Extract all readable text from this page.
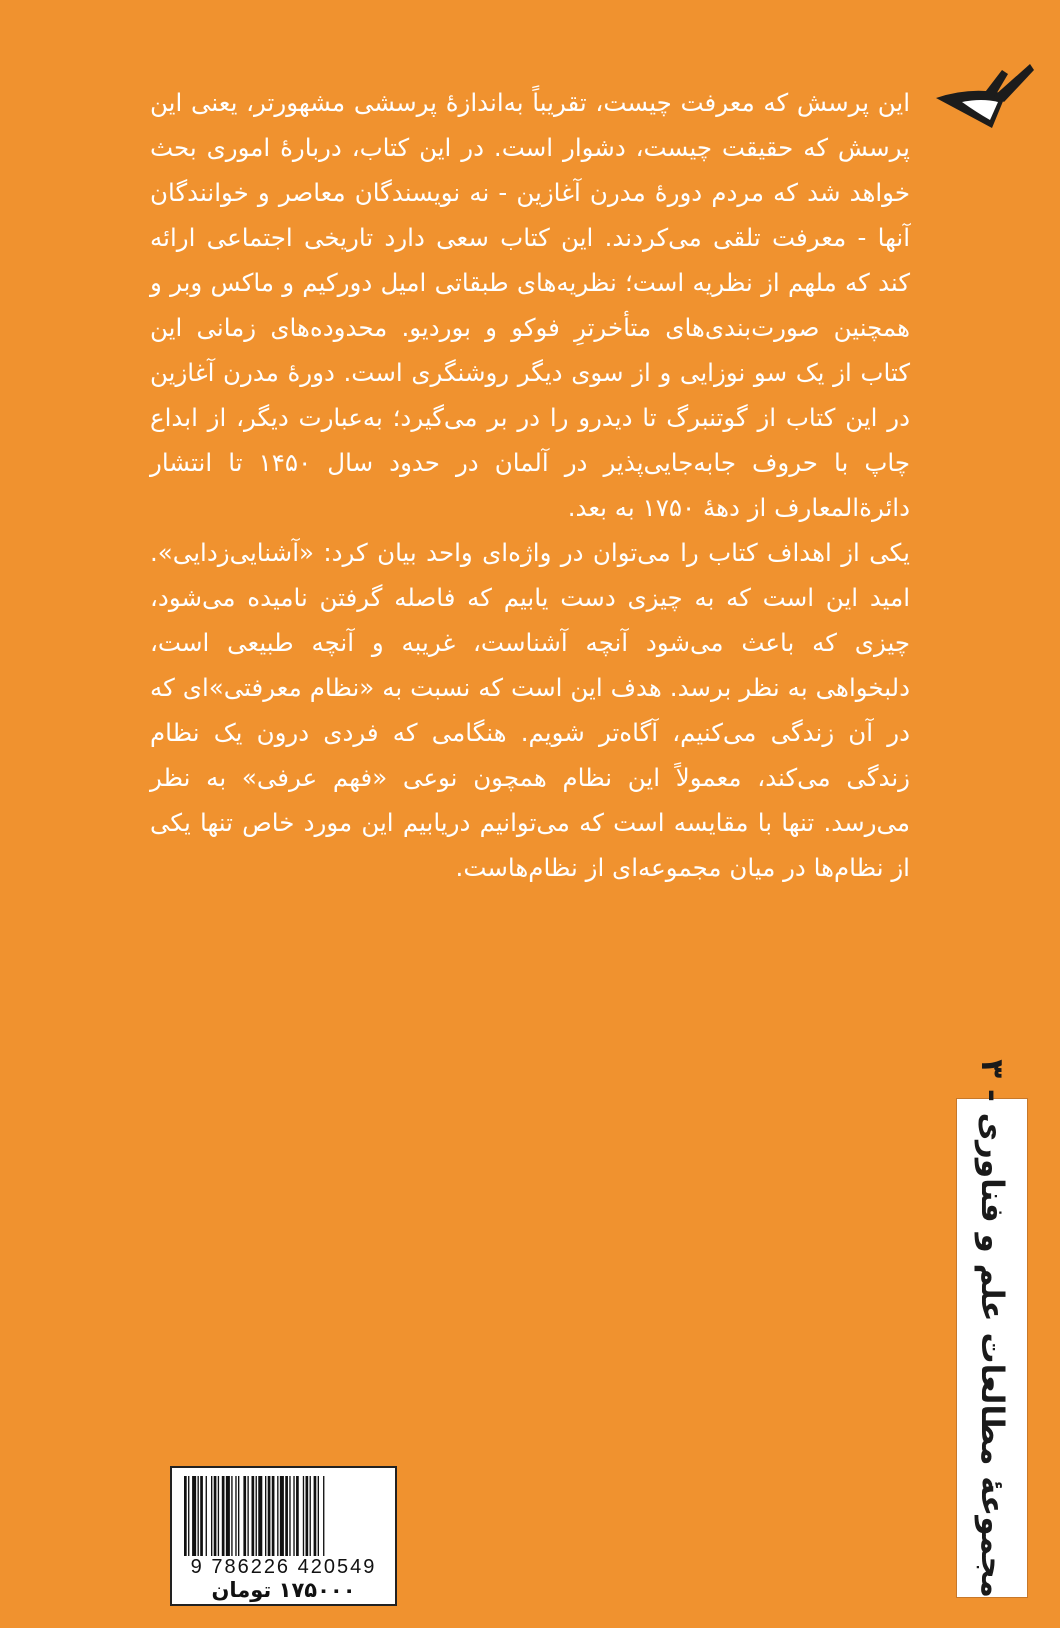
این پرسش که معرفت چیست، تقریباً به‌اندازهٔ پرسشی مشهورتر، یعنی این پرسش که حقیقت چیست، دشوار است. در این کتاب، دربارهٔ اموری بحث خواهد شد که مردم دورهٔ مدرن آغازین - نه نویسندگان معاصر و خوانندگان آنها - معرفت تلقی می‌کردند. این کتاب سعی دارد تاریخی اجتماعی ارائه کند که ملهم از نظریه است؛ نظریه‌های طبقاتی امیل دورکیم و ماکس وبر و همچنین صورت‌بندی‌های متأخرترِ فوکو و بوردیو. محدوده‌های زمانی این کتاب از یک سو نوزایی و از سوی دیگر روشنگری است. دورهٔ مدرن آغازین در این کتاب از گوتنبرگ تا دیدرو را در بر می‌گیرد؛ به‌عبارت دیگر، از ابداع چاپ با حروف جابه‌جایی‌پذیر در آلمان در حدود سال ۱۴۵۰ تا انتشار دائرة‌المعارف از دههٔ ۱۷۵۰ به بعد.

یکی از اهداف کتاب را می‌توان در واژه‌ای واحد بیان کرد: «آشنایی‌زدایی». امید این است که به چیزی دست یابیم که فاصله گرفتن نامیده می‌شود، چیزی که باعث می‌شود آنچه آشناست، غریبه و آنچه طبیعی است، دلبخواهی به نظر برسد. هدف این است که نسبت به «نظام معرفتی»ای که در آن زندگی می‌کنیم، آگاه‌تر شویم. هنگامی که فردی درون یک نظام زندگی می‌کند، معمولاً این نظام همچون نوعی «فهم عرفی» به نظر می‌رسد. تنها با مقایسه است که می‌توانیم دریابیم این مورد خاص تنها یکی از نظام‌ها در میان مجموعه‌ای از نظام‌هاست.

مجموعهٔ مطالعات علم و فناوری - ۳
9 786226 420549
۱۷۵۰۰۰ تومان
